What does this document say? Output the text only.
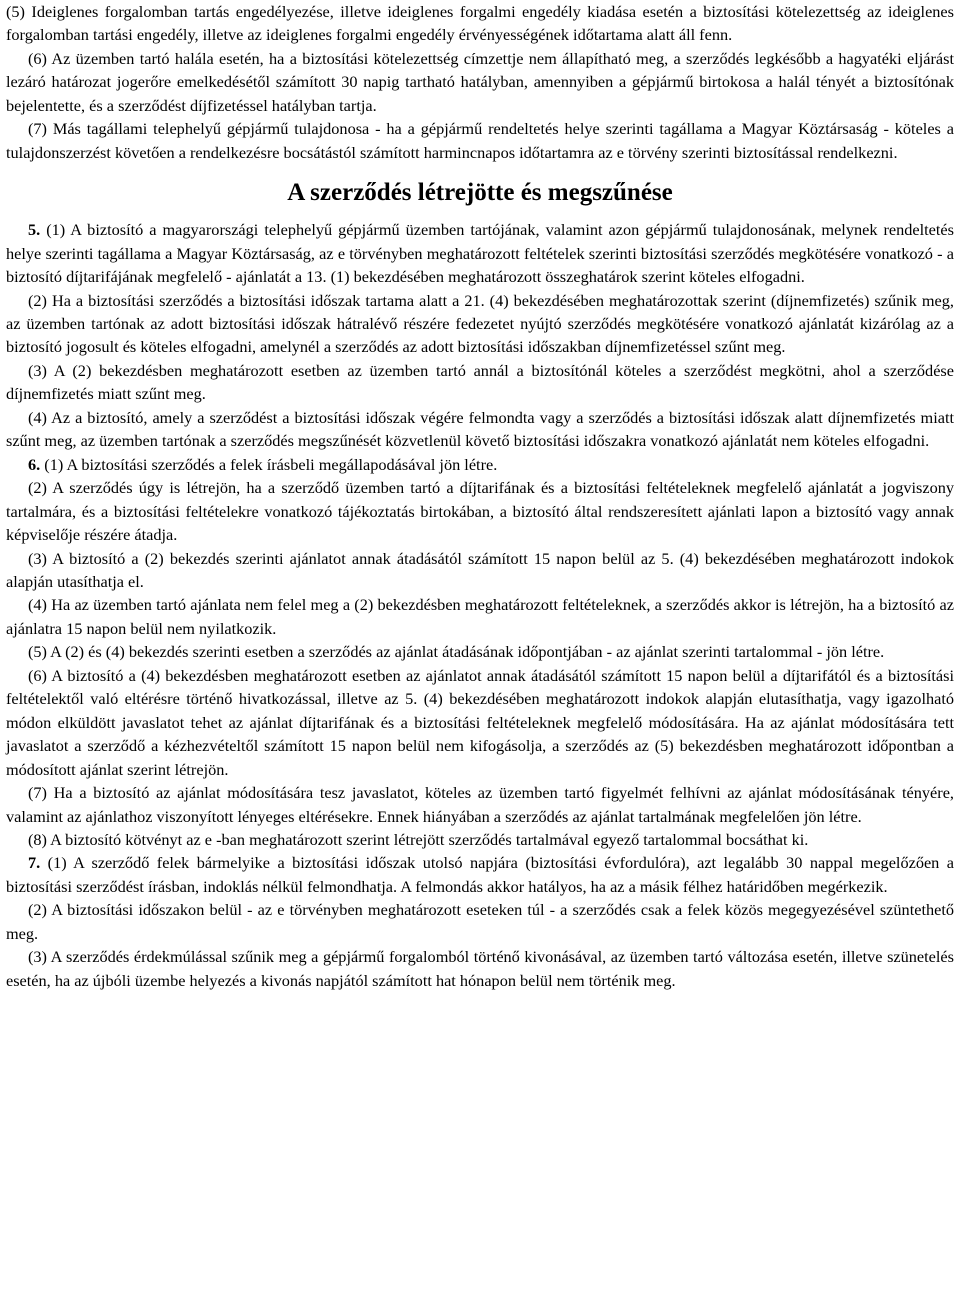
(5) Ideiglenes forgalomban tartás engedélyezése, illetve ideiglenes forgalmi engedély kiadása esetén a biztosítási kötelezettség az ideiglenes forgalomban tartási engedély, illetve az ideiglenes forgalmi engedély érvényességének időtartama alatt áll fenn.

(6) Az üzemben tartó halála esetén, ha a biztosítási kötelezettség címzettje nem állapítható meg, a szerződés legkésőbb a hagyatéki eljárást lezáró határozat jogerőre emelkedésétől számított 30 napig tartható hatályban, amennyiben a gépjármű birtokosa a halál tényét a biztosítónak bejelentette, és a szerződést díjfizetéssel hatályban tartja.

(7) Más tagállami telephelyű gépjármű tulajdonosa - ha a gépjármű rendeltetés helye szerinti tagállama a Magyar Köztársaság - köteles a tulajdonszerzést követően a rendelkezésre bocsátástól számított harmincnapos időtartamra az e törvény szerinti biztosítással rendelkezni.

A szerződés létrejötte és megszűnése

5. (1) A biztosító a magyarországi telephelyű gépjármű üzemben tartójának, valamint azon gépjármű tulajdonosának, melynek rendeltetés helye szerinti tagállama a Magyar Köztársaság, az e törvényben meghatározott feltételek szerinti biztosítási szerződés megkötésére vonatkozó - a biztosító díjtarifájának megfelelő - ajánlatát a 13. (1) bekezdésében meghatározott összeghatárok szerint köteles elfogadni.

(2) Ha a biztosítási szerződés a biztosítási időszak tartama alatt a 21. (4) bekezdésében meghatározottak szerint (díjnemfizetés) szűnik meg, az üzemben tartónak az adott biztosítási időszak hátralévő részére fedezetet nyújtó szerződés megkötésére vonatkozó ajánlatát kizárólag az a biztosító jogosult és köteles elfogadni, amelynél a szerződés az adott biztosítási időszakban díjnemfizetéssel szűnt meg.

(3) A (2) bekezdésben meghatározott esetben az üzemben tartó annál a biztosítónál köteles a szerződést megkötni, ahol a szerződése díjnemfizetés miatt szűnt meg.

(4) Az a biztosító, amely a szerződést a biztosítási időszak végére felmondta vagy a szerződés a biztosítási időszak alatt díjnemfizetés miatt szűnt meg, az üzemben tartónak a szerződés megszűnését közvetlenül követő biztosítási időszakra vonatkozó ajánlatát nem köteles elfogadni.

6. (1) A biztosítási szerződés a felek írásbeli megállapodásával jön létre.

(2) A szerződés úgy is létrejön, ha a szerződő üzemben tartó a díjtarifának és a biztosítási feltételeknek megfelelő ajánlatát a jogviszony tartalmára, és a biztosítási feltételekre vonatkozó tájékoztatás birtokában, a biztosító által rendszeresített ajánlati lapon a biztosító vagy annak képviselője részére átadja.

(3) A biztosító a (2) bekezdés szerinti ajánlatot annak átadásától számított 15 napon belül az 5. (4) bekezdésében meghatározott indokok alapján utasíthatja el.

(4) Ha az üzemben tartó ajánlata nem felel meg a (2) bekezdésben meghatározott feltételeknek, a szerződés akkor is létrejön, ha a biztosító az ajánlatra 15 napon belül nem nyilatkozik.

(5) A (2) és (4) bekezdés szerinti esetben a szerződés az ajánlat átadásának időpontjában - az ajánlat szerinti tartalommal - jön létre.

(6) A biztosító a (4) bekezdésben meghatározott esetben az ajánlatot annak átadásától számított 15 napon belül a díjtarifától és a biztosítási feltételektől való eltérésre történő hivatkozással, illetve az 5. (4) bekezdésében meghatározott indokok alapján elutasíthatja, vagy igazolható módon elküldött javaslatot tehet az ajánlat díjtarifának és a biztosítási feltételeknek megfelelő módosítására. Ha az ajánlat módosítására tett javaslatot a szerződő a kézhezvételtől számított 15 napon belül nem kifogásolja, a szerződés az (5) bekezdésben meghatározott időpontban a módosított ajánlat szerint létrejön.

(7) Ha a biztosító az ajánlat módosítására tesz javaslatot, köteles az üzemben tartó figyelmét felhívni az ajánlat módosításának tényére, valamint az ajánlathoz viszonyított lényeges eltérésekre. Ennek hiányában a szerződés az ajánlat tartalmának megfelelően jön létre.

(8) A biztosító kötvényt az e -ban meghatározott szerint létrejött szerződés tartalmával egyező tartalommal bocsáthat ki.

7. (1) A szerződő felek bármelyike a biztosítási időszak utolsó napjára (biztosítási évfordulóra), azt legalább 30 nappal megelőzően a biztosítási szerződést írásban, indoklás nélkül felmondhatja. A felmondás akkor hatályos, ha az a másik félhez határidőben megérkezik.

(2) A biztosítási időszakon belül - az e törvényben meghatározott eseteken túl - a szerződés csak a felek közös megegyezésével szüntethető meg.

(3) A szerződés érdekmúlással szűnik meg a gépjármű forgalomból történő kivonásával, az üzemben tartó változása esetén, illetve szünetelés esetén, ha az újbóli üzembe helyezés a kivonás napjától számított hat hónapon belül nem történik meg.
